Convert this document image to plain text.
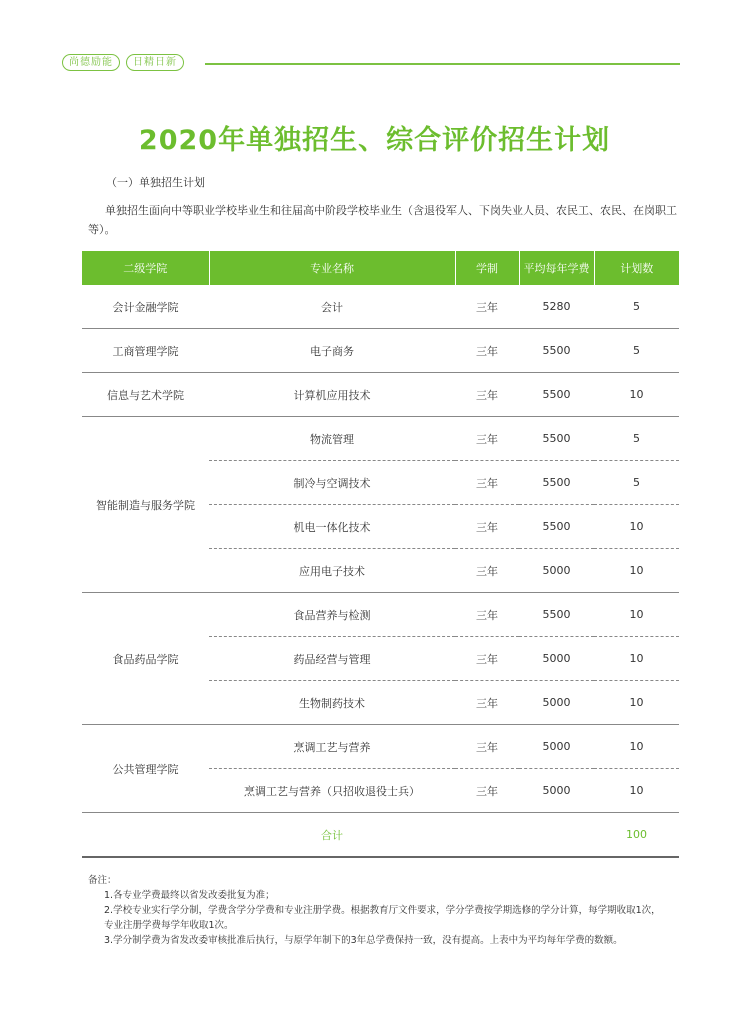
尚德励能	日精日新
2020年单独招生、综合评价招生计划
（一）单独招生计划
单独招生面向中等职业学校毕业生和往届高中阶段学校毕业生（含退役军人、下岗失业人员、农民工、农民、在岗职工等）。
二级学院	专业名称	学制	平均每年学费	计划数
会计金融学院	会计	三年	5280	5
工商管理学院	电子商务	三年	5500	5
信息与艺术学院	计算机应用技术	三年	5500	10
智能制造与服务学院	物流管理	三年	5500	5
	制冷与空调技术	三年	5500	5
	机电一体化技术	三年	5500	10
	应用电子技术	三年	5000	10
食品药品学院	食品营养与检测	三年	5500	10
	药品经营与管理	三年	5000	10
	生物制药技术	三年	5000	10
公共管理学院	烹调工艺与营养	三年	5000	10
	烹调工艺与营养（只招收退役士兵）	三年	5000	10
	合计			100
备注：
1.各专业学费最终以省发改委批复为准；
2.学校专业实行学分制，学费含学分学费和专业注册学费。根据教育厅文件要求，学分学费按学期选修的学分计算，每学期收取1次，
专业注册学费每学年收取1次。
3.学分制学费为省发改委审核批准后执行，与原学年制下的3年总学费保持一致，没有提高。上表中为平均每年学费的数额。
